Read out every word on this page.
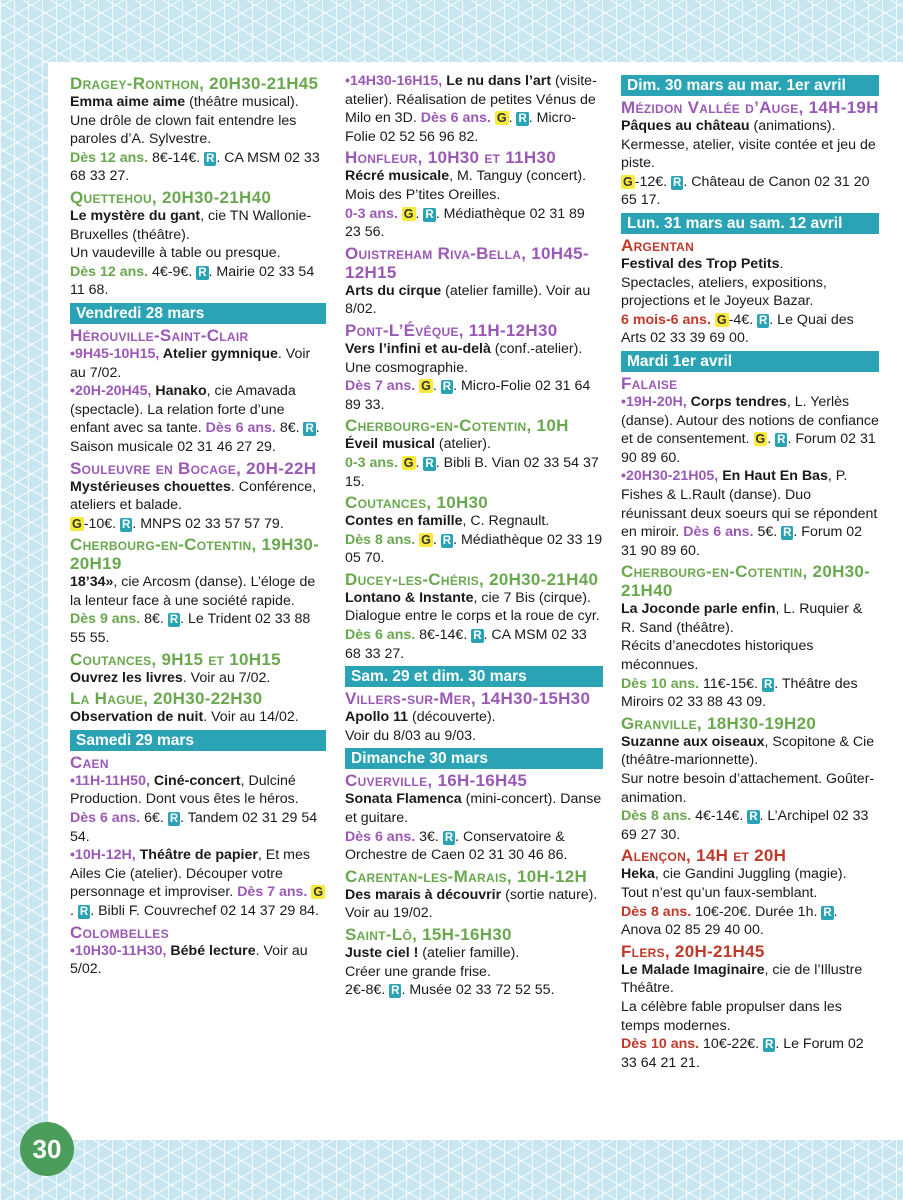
Dragey-Ronthon, 20H30-21H45
Emma aime aime (théâtre musical). Une drôle de clown fait entendre les paroles d’A. Sylvestre.
Dès 12 ans. 8€-14€. R . CA MSM 02 33 68 33 27.
Quettehou, 20H30-21H40
Le mystère du gant, cie TN Wallonie-Bruxelles (théâtre).
Un vaudeville à table ou presque.
Dès 12 ans. 4€-9€. R . Mairie 02 33 54 11 68.
Vendredi 28 mars
Hérouville-Saint-Clair
•9H45-10H15, Atelier gymnique. Voir au 7/02.
•20H-20H45, Hanako, cie Amavada (spectacle). La relation forte d’une enfant avec sa tante. Dès 6 ans. 8€. R . Saison musicale 02 31 46 27 29.
Souleuvre en Bocage, 20H-22H
Mystérieuses chouettes. Conférence, ateliers et balade.
G -10€. R . MNPS 02 33 57 57 79.
Cherbourg-en-Cotentin, 19H30-20H19
18’34», cie Arcosm (danse). L’éloge de la lenteur face à une société rapide.
Dès 9 ans. 8€. R . Le Trident 02 33 88 55 55.
Coutances, 9H15 et 10H15
Ouvrez les livres. Voir au 7/02.
La Hague, 20H30-22H30
Observation de nuit. Voir au 14/02.
Samedi 29 mars
Caen
•11H-11H50, Ciné-concert, Dulciné Production. Dont vous êtes le héros. Dès 6 ans. 6€. R . Tandem 02 31 29 54 54.
•10H-12H, Théâtre de papier, Et mes Ailes Cie (atelier). Découper votre personnage et improviser. Dès 7 ans. G. R . Bibli F. Couvrechef 02 14 37 29 84.
Colombelles
•10H30-11H30, Bébé lecture. Voir au 5/02.
•14H30-16H15, Le nu dans l’art (visite-atelier). Réalisation de petites Vénus de Milo en 3D. Dès 6 ans. G . R . Micro-Folie 02 52 56 96 82.
Honfleur, 10H30 et 11H30
Récré musicale, M. Tanguy (concert).
Mois des P’tites Oreilles.
0-3 ans. G . R . Médiathèque 02 31 89 23 56.
Ouistreham Riva-Bella, 10H45-12H15
Arts du cirque (atelier famille). Voir au 8/02.
Pont-L’Évêque, 11H-12H30
Vers l’infini et au-delà (conf.-atelier). Une cosmographie.
Dès 7 ans. G . R . Micro-Folie 02 31 64 89 33.
Cherbourg-en-Cotentin, 10H
Éveil musical (atelier).
0-3 ans. G . R . Bibli B. Vian 02 33 54 37 15.
Coutances, 10H30
Contes en famille, C. Regnault.
Dès 8 ans. G . R . Médiathèque 02 33 19 05 70.
Ducey-les-Chéris, 20H30-21H40
Lontano & Instante, cie 7 Bis (cirque).
Dialogue entre le corps et la roue de cyr.
Dès 6 ans. 8€-14€. R . CA MSM 02 33 68 33 27.
Sam. 29 et dim. 30 mars
Villers-sur-Mer, 14H30-15H30
Apollo 11 (découverte).
Voir du 8/03 au 9/03.
Dimanche 30 mars
Cuverville, 16H-16H45
Sonata Flamenca (mini-concert). Danse et guitare.
Dès 6 ans. 3€. R . Conservatoire & Orchestre de Caen 02 31 30 46 86.
Carentan-les-Marais, 10H-12H
Des marais à découvrir (sortie nature). Voir au 19/02.
Saint-Lô, 15H-16H30
Juste ciel ! (atelier famille).
Créer une grande frise.
2€-8€. R . Musée 02 33 72 52 55.
Dim. 30 mars au mar. 1er avril
Mézidon Vallée d’Auge, 14H-19H
Pâques au château (animations). Kermesse, atelier, visite contée et jeu de piste.
G -12€. R . Château de Canon 02 31 20 65 17.
Lun. 31 mars au sam. 12 avril
Argentan
Festival des Trop Petits.
Spectacles, ateliers, expositions, projections et le Joyeux Bazar.
6 mois-6 ans. G -4€. R . Le Quai des Arts 02 33 39 69 00.
Mardi 1er avril
Falaise
•19H-20H, Corps tendres, L. Yerlès (danse). Autour des notions de confiance et de consentement. G . R . Forum 02 31 90 89 60.
•20H30-21H05, En Haut En Bas, P. Fishes & L.Rault (danse). Duo réunissant deux soeurs qui se répondent en miroir. Dès 6 ans. 5€. R . Forum 02 31 90 89 60.
Cherbourg-en-Cotentin, 20H30-21H40
La Joconde parle enfin, L. Ruquier & R. Sand (théâtre).
Récits d’anecdotes historiques méconnues.
Dès 10 ans. 11€-15€. R . Théâtre des Miroirs 02 33 88 43 09.
Granville, 18H30-19H20
Suzanne aux oiseaux, Scopitone & Cie (théâtre-marionnette).
Sur notre besoin d’attachement. Goûter-animation.
Dès 8 ans. 4€-14€. R . L’Archipel 02 33 69 27 30.
Alençon, 14H et 20H
Heka, cie Gandini Juggling (magie).
Tout n’est qu’un faux-semblant.
Dès 8 ans. 10€-20€. Durée 1h. R . Anova 02 85 29 40 00.
Flers, 20H-21H45
Le Malade Imaginaire, cie de l’Illustre Théâtre.
La célèbre fable propulser dans les temps modernes.
Dès 10 ans. 10€-22€. R . Le Forum 02 33 64 21 21.
30
